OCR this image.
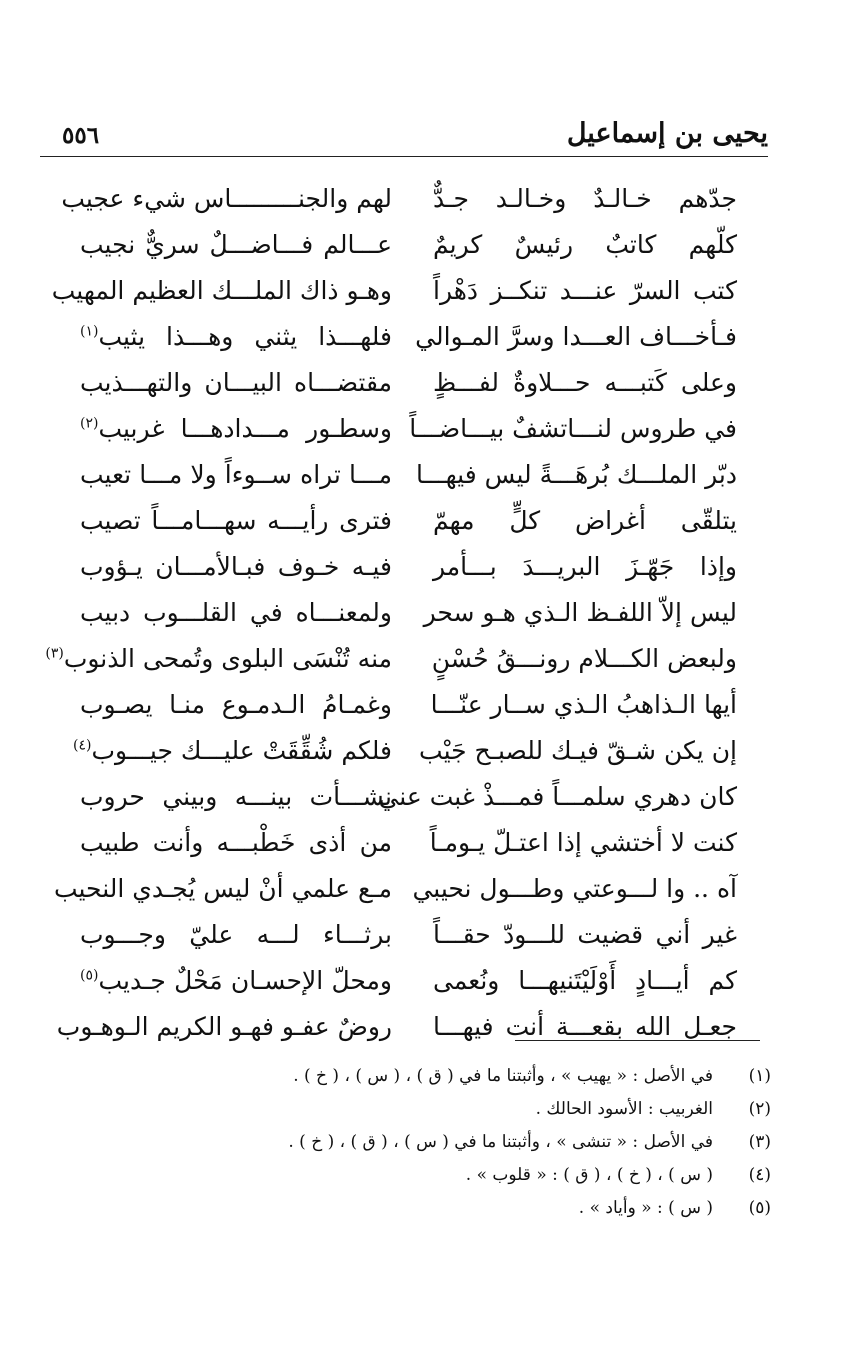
يحيى بن إسماعيل
٥٥٦
جدّهم خـالـدٌ وخـالـد جـدٌّ
لهم والجنـــــــــاس شيء عجيب
كلّهم كاتبٌ رئيسٌ كريمٌ
عـــالم فـــاضـــلٌ سريٌّ نجيب
كتب السرّ عنـــد تنكــز دَهْراً
وهـو ذاك الملـــك العظيم المهيب
فـأخـــاف العـــدا وسرَّ المـوالي
فلهـــذا يثني وهـــذا يثيب$^{(١)}$
وعلى كَتبـــه حـــلاوةٌ لفـــظٍ
مقتضـــاه البيـــان والتهـــذيب
في طروس لنـــاتشفٌ بيـــاضـــاً
وسطـور مـــدادهـــا غربيب$^{(٢)}$
دبّر الملـــك بُرهَـــةً ليس فيهـــا
مـــا تراه ســوءاً ولا مـــا تعيب
يتلقّى أغراض كلٍّ مهمّ
فترى رأيـــه سهـــامـــاً تصيب
وإذا جَهّـزَ البريـــدَ بـــأمر
فيـه خـوف فبـالأمـــان يـؤوب
ليس إلاّ اللفـظ الـذي هـو سحر
ولمعنـــاه في القلـــوب دبيب
ولبعض الكـــلام رونـــقُ حُسْنٍ
منه تُنْسَى البلوى وتُمحى الذنوب$^{(٣)}$
أيها الـذاهبُ الـذي ســار عنّـــا
وغمـامُ الـدمـوع منـا يصـوب
إن يكن شـقّ فيـك للصبـح جَيْب
فلكم شُقِّقَتْ عليـــك جيـــوب$^{(٤)}$
كان دهري سلمـــاً فمـــذْ غبت عني
نشـــأت بينـــه وبيني حروب
كنت لا أختشي إذا اعتـلّ يـومـاً
من أذى خَطْبـــه وأنت طبيب
آه .. وا لـــوعتي وطـــول نحيبي
مـع علمي أنْ ليس يُجـدي النحيب
غير أني قضيت للـــودّ حقـــاً
برثـــاء لـــه عليّ وجـــوب
كم أيـــادٍ أَوْلَيْتَنيهـــا ونُعمى
ومحلّ الإحسـان مَحْلٌ جـديب$^{(٥)}$
جعـل الله بقعـــة أنت فيهـــا
روضٌ عفـو فهـو الكريم الـوهـوب
(١)في الأصل : « يهيب » ، وأثبتنا ما في ( ق ) ، ( س ) ، ( خ ) .
(٢)الغربيب : الأسود الحالك .
(٣)في الأصل : « تنشى » ، وأثبتنا ما في ( س ) ، ( ق ) ، ( خ ) .
(٤)( س ) ، ( خ ) ، ( ق ) : « قلوب » .
(٥)( س ) : « وأياد » .
